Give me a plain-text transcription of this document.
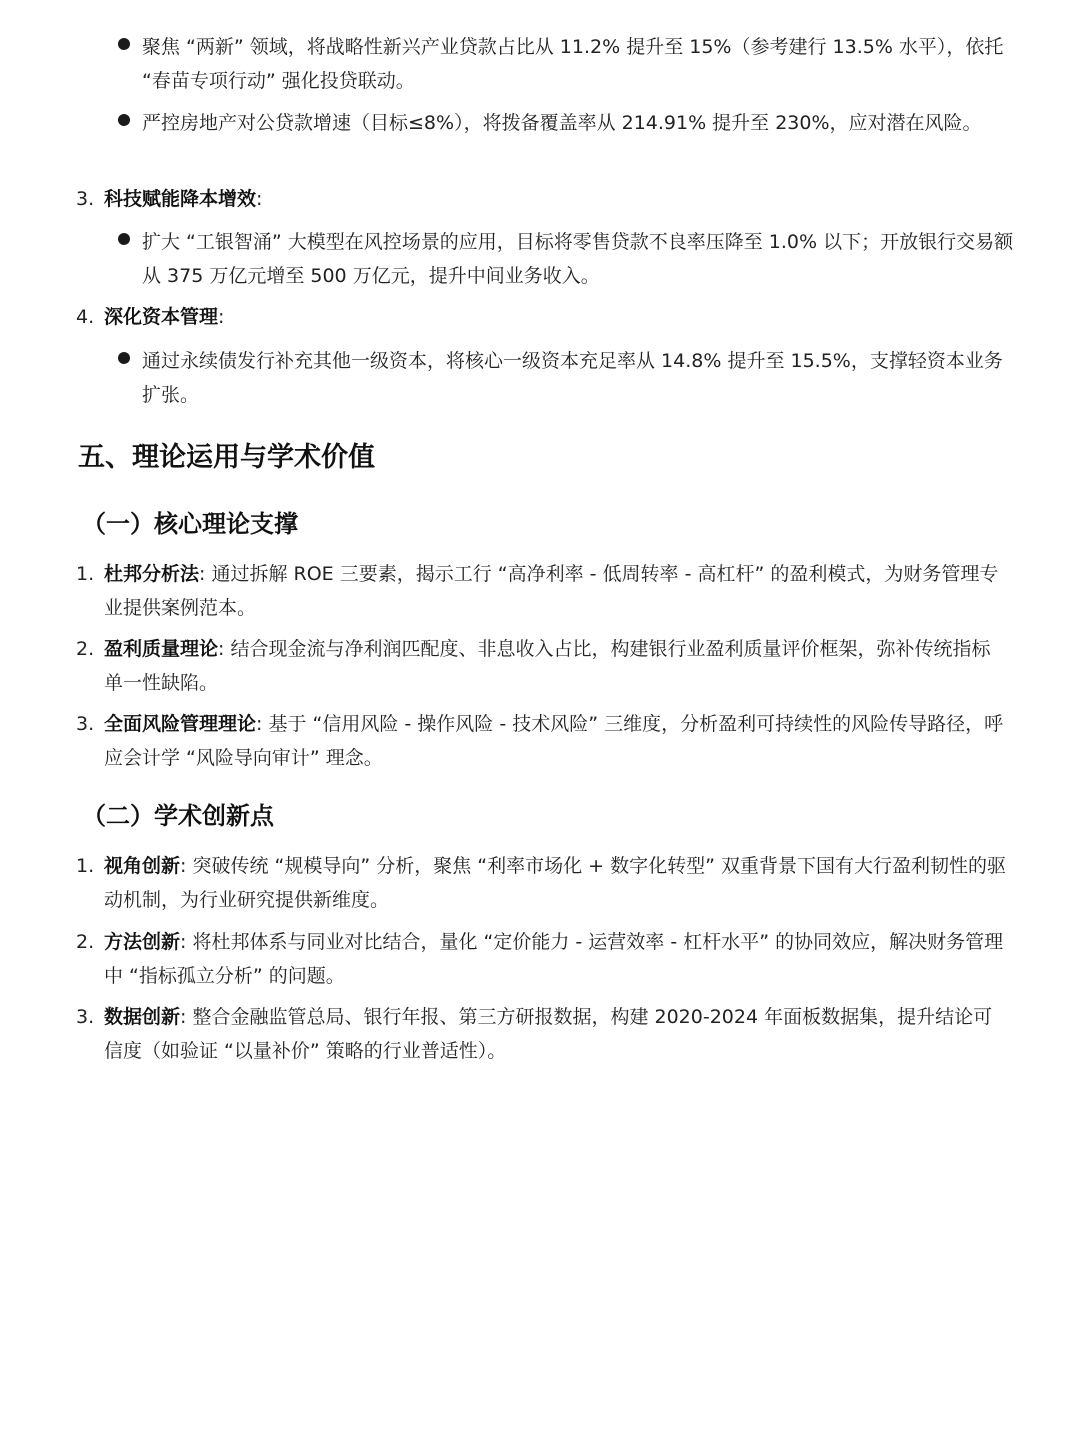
聚焦 “两新” 领域，将战略性新兴产业贷款占比从 11.2% 提升至 15%（参考建行 13.5% 水平），依托 “春苗专项行动” 强化投贷联动。
严控房地产对公贷款增速（目标≤8%），将拨备覆盖率从 214.91% 提升至 230%，应对潜在风险。
3. 科技赋能降本增效:
扩大 “工银智涌” 大模型在风控场景的应用，目标将零售贷款不良率压降至 1.0% 以下；开放银行交易额从 375 万亿元增至 500 万亿元，提升中间业务收入。
4. 深化资本管理:
通过永续债发行补充其他一级资本，将核心一级资本充足率从 14.8% 提升至 15.5%，支撑轻资本业务扩张。
五、理论运用与学术价值
（一）核心理论支撑
1. 杜邦分析法: 通过拆解 ROE 三要素，揭示工行 “高净利率 - 低周转率 - 高杠杆” 的盈利模式，为财务管理专业提供案例范本。
2. 盈利质量理论: 结合现金流与净利润匹配度、非息收入占比，构建银行业盈利质量评价框架，弥补传统指标单一性缺陷。
3. 全面风险管理理论: 基于 “信用风险 - 操作风险 - 技术风险” 三维度，分析盈利可持续性的风险传导路径，呼应会计学 “风险导向审计” 理念。
（二）学术创新点
1. 视角创新: 突破传统 “规模导向” 分析，聚焦 “利率市场化 + 数字化转型” 双重背景下国有大行盈利韧性的驱动机制，为行业研究提供新维度。
2. 方法创新: 将杜邦体系与同业对比结合，量化 “定价能力 - 运营效率 - 杠杆水平” 的协同效应，解决财务管理中 “指标孤立分析” 的问题。
3. 数据创新: 整合金融监管总局、银行年报、第三方研报数据，构建 2020-2024 年面板数据集，提升结论可信度（如验证 “以量补价” 策略的行业普适性）。
